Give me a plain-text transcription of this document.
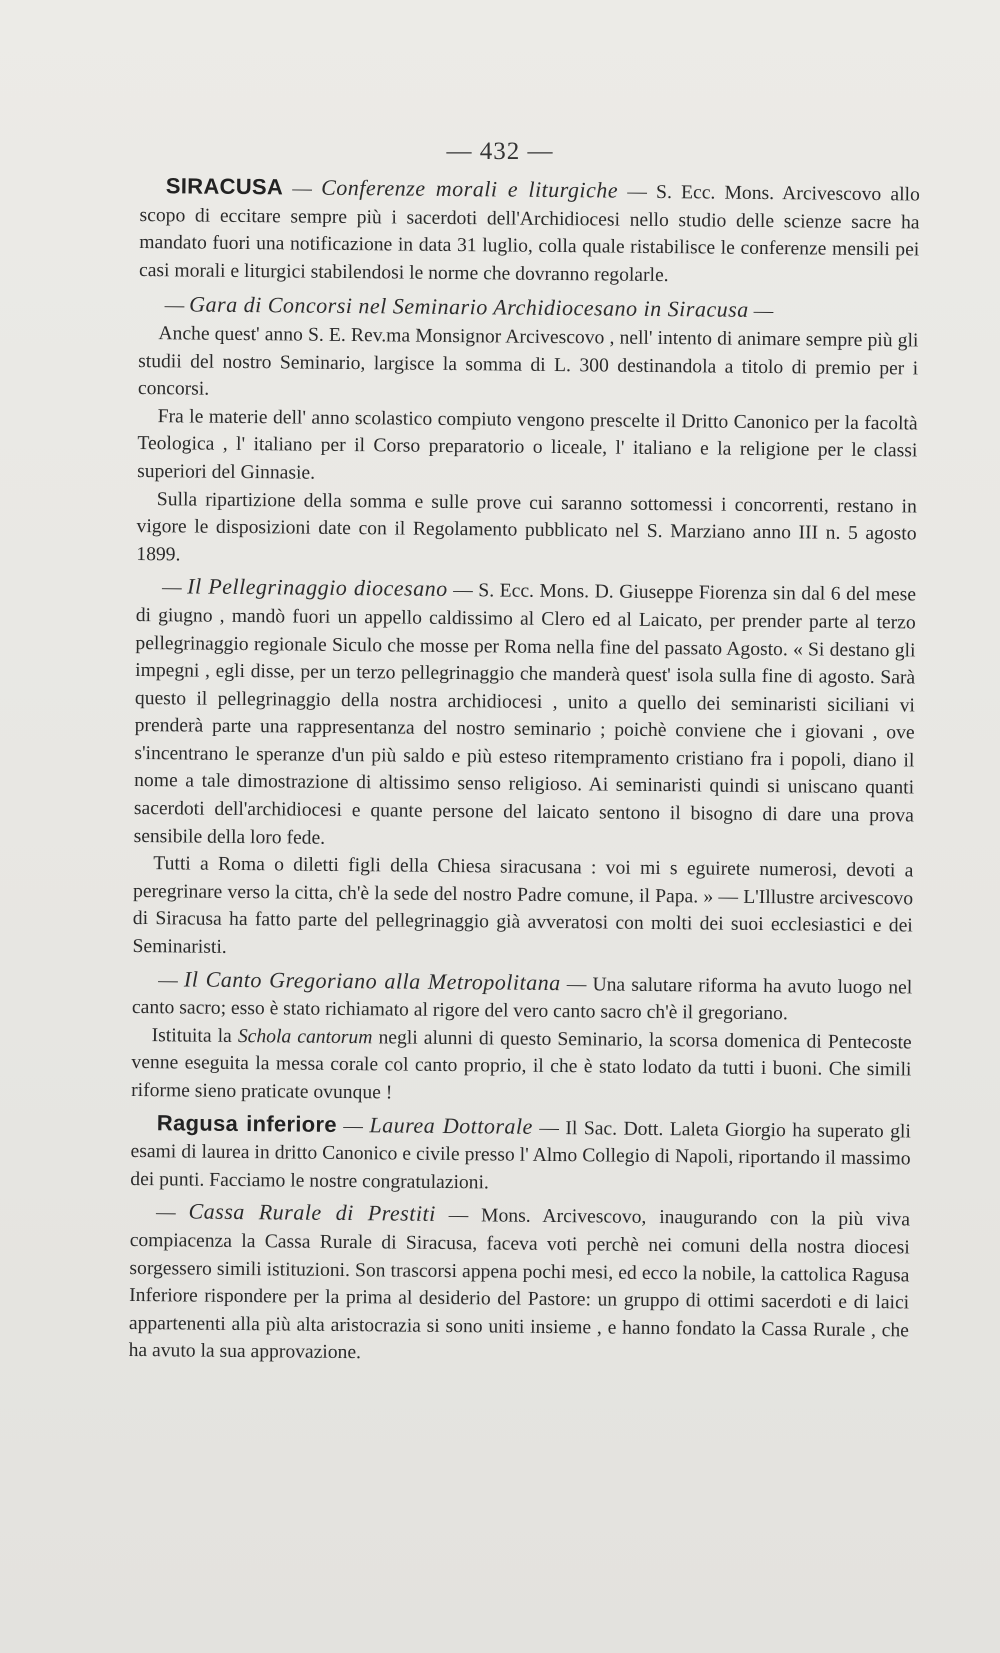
— 432 —

SIRACUSA — Conferenze morali e liturgiche — S. Ecc. Mons. Arcivescovo allo scopo di eccitare sempre più i sacerdoti dell'Archidiocesi nello studio delle scienze sacre ha mandato fuori una notificazione in data 31 luglio, colla quale ristabilisce le conferenze mensili pei casi morali e liturgici stabilendosi le norme che dovranno regolarle.

— Gara di Concorsi nel Seminario Archidiocesano in Siracusa —

Anche quest' anno S. E. Rev.ma Monsignor Arcivescovo , nell' intento di animare sempre più gli studii del nostro Seminario, largisce la somma di L. 300 destinandola a titolo di premio per i concorsi.

Fra le materie dell' anno scolastico compiuto vengono prescelte il Dritto Canonico per la facoltà Teologica , l' italiano per il Corso preparatorio o liceale, l' italiano e la religione per le classi superiori del Ginnasie.

Sulla ripartizione della somma e sulle prove cui saranno sottomessi i concorrenti, restano in vigore le disposizioni date con il Regolamento pubblicato nel S. Marziano anno III n. 5 agosto 1899.

— Il Pellegrinaggio diocesano — S. Ecc. Mons. D. Giuseppe Fiorenza sin dal 6 del mese di giugno , mandò fuori un appello caldissimo al Clero ed al Laicato, per prender parte al terzo pellegrinaggio regionale Siculo che mosse per Roma nella fine del passato Agosto. « Si destano gli impegni , egli disse, per un terzo pellegrinaggio che manderà quest' isola sulla fine di agosto. Sarà questo il pellegrinaggio della nostra archidiocesi , unito a quello dei seminaristi siciliani vi prenderà parte una rappresentanza del nostro seminario ; poichè conviene che i giovani , ove s'incentrano le speranze d'un più saldo e più esteso ritempramento cristiano fra i popoli, diano il nome a tale dimostrazione di altissimo senso religioso. Ai seminaristi quindi si uniscano quanti sacerdoti dell'archidiocesi e quante persone del laicato sentono il bisogno di dare una prova sensibile della loro fede.

Tutti a Roma o diletti figli della Chiesa siracusana : voi mi s eguirete numerosi, devoti a peregrinare verso la citta, ch'è la sede del nostro Padre comune, il Papa. » — L'Illustre arcivescovo di Siracusa ha fatto parte del pellegrinaggio già avveratosi con molti dei suoi ecclesiastici e dei Seminaristi.

— Il Canto Gregoriano alla Metropolitana — Una salutare riforma ha avuto luogo nel canto sacro; esso è stato richiamato al rigore del vero canto sacro ch'è il gregoriano.

Istituita la Schola cantorum negli alunni di questo Seminario, la scorsa domenica di Pentecoste venne eseguita la messa corale col canto proprio, il che è stato lodato da tutti i buoni. Che simili riforme sieno praticate ovunque !

Ragusa inferiore — Laurea Dottorale — Il Sac. Dott. Laleta Giorgio ha superato gli esami di laurea in dritto Canonico e civile presso l' Almo Collegio di Napoli, riportando il massimo dei punti. Facciamo le nostre congratulazioni.

— Cassa Rurale di Prestiti — Mons. Arcivescovo, inaugurando con la più viva compiacenza la Cassa Rurale di Siracusa, faceva voti perchè nei comuni della nostra diocesi sorgessero simili istituzioni. Son trascorsi appena pochi mesi, ed ecco la nobile, la cattolica Ragusa Inferiore rispondere per la prima al desiderio del Pastore: un gruppo di ottimi sacerdoti e di laici appartenenti alla più alta aristocrazia si sono uniti insieme , e hanno fondato la Cassa Rurale , che ha avuto la sua approvazione.
